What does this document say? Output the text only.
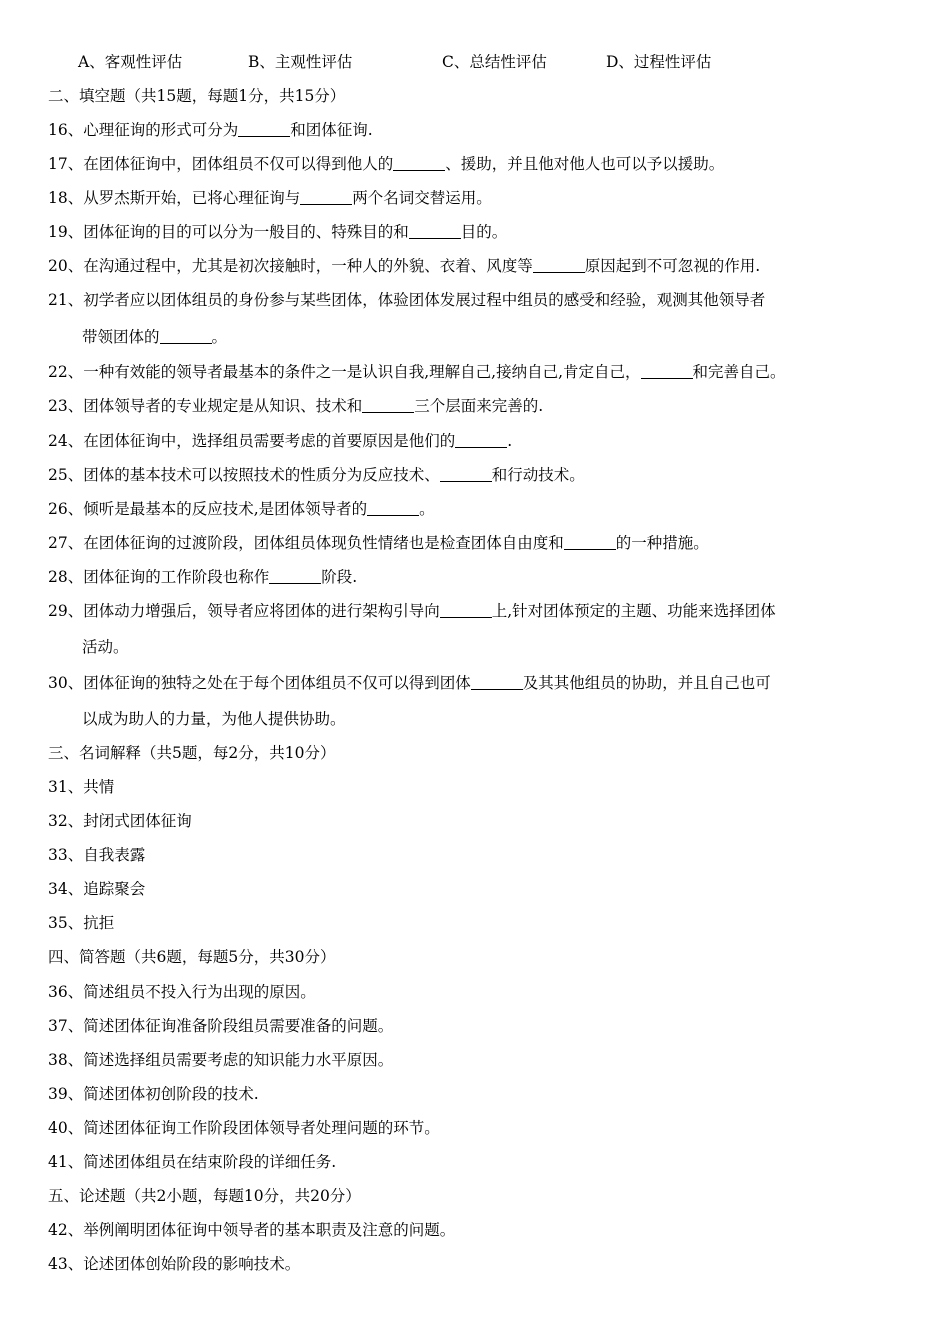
A、客观性评估	B、主观性评估	C、总结性评估	D、过程性评估
二、填空题（共15题，每题1分，共15分）
16、心理征询的形式可分为	和团体征询.
17、在团体征询中，团体组员不仅可以得到他人的	、援助，并且他对他人也可以予以援助。
18、从罗杰斯开始，已将心理征询与	两个名词交替运用。
19、团体征询的目的可以分为一般目的、特殊目的和	目的。
20、在沟通过程中，尤其是初次接触时，一种人的外貌、衣着、风度等	原因起到不可忽视的作用.
21、初学者应以团体组员的身份参与某些团体，体验团体发展过程中组员的感受和经验，观测其他领导者
带领团体的	。
22、一种有效能的领导者最基本的条件之一是认识自我,理解自己,接纳自己,肯定自己，	和完善自己。
23、团体领导者的专业规定是从知识、技术和	三个层面来完善的.
24、在团体征询中，选择组员需要考虑的首要原因是他们的	.
25、团体的基本技术可以按照技术的性质分为反应技术、	和行动技术。
26、倾听是最基本的反应技术,是团体领导者的	。
27、在团体征询的过渡阶段，团体组员体现负性情绪也是检查团体自由度和	的一种措施。
28、团体征询的工作阶段也称作	阶段.
29、团体动力增强后，领导者应将团体的进行架构引导向	上,针对团体预定的主题、功能来选择团体
活动。
30、团体征询的独特之处在于每个团体组员不仅可以得到团体	及其其他组员的协助，并且自己也可
以成为助人的力量，为他人提供协助。
三、名词解释（共5题，每2分，共10分）
31、共情
32、封闭式团体征询
33、自我表露
34、追踪聚会
35、抗拒
四、简答题（共6题，每题5分，共30分）
36、简述组员不投入行为出现的原因。
37、简述团体征询准备阶段组员需要准备的问题。
38、简述选择组员需要考虑的知识能力水平原因。
39、简述团体初创阶段的技术.
40、简述团体征询工作阶段团体领导者处理问题的环节。
41、简述团体组员在结束阶段的详细任务.
五、论述题（共2小题，每题10分，共20分）
42、举例阐明团体征询中领导者的基本职责及注意的问题。
43、论述团体创始阶段的影响技术。
